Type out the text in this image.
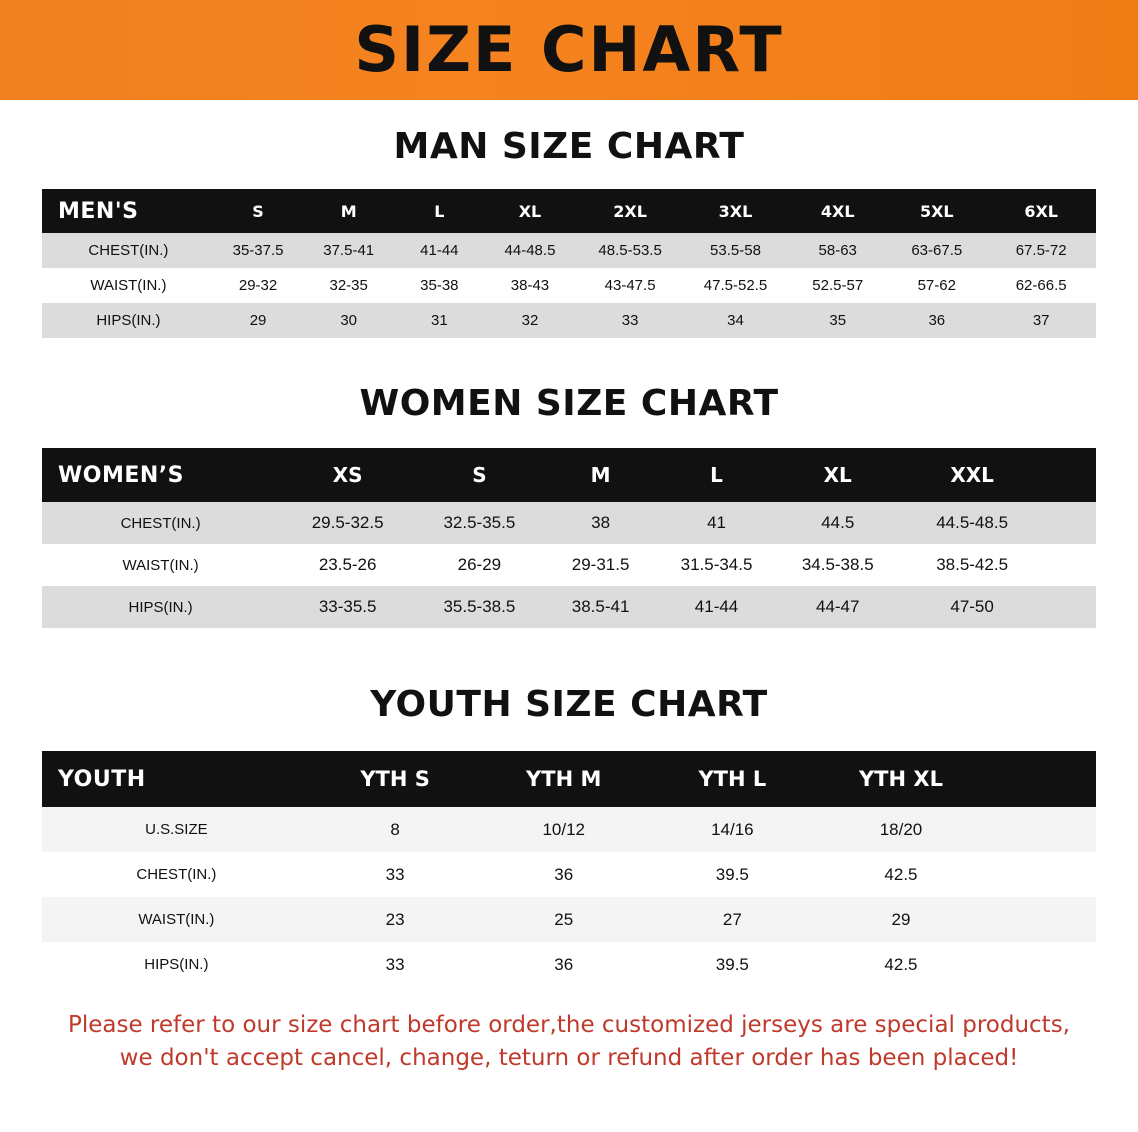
SIZE CHART
MAN SIZE CHART
MEN'S	S	M	L	XL	2XL	3XL	4XL	5XL	6XL
CHEST(IN.)	35-37.5	37.5-41	41-44	44-48.5	48.5-53.5	53.5-58	58-63	63-67.5	67.5-72
WAIST(IN.)	29-32	32-35	35-38	38-43	43-47.5	47.5-52.5	52.5-57	57-62	62-66.5
HIPS(IN.)	29	30	31	32	33	34	35	36	37
WOMEN SIZE CHART
WOMEN’S	XS	S	M	L	XL	XXL	
CHEST(IN.)	29.5-32.5	32.5-35.5	38	41	44.5	44.5-48.5	
WAIST(IN.)	23.5-26	26-29	29-31.5	31.5-34.5	34.5-38.5	38.5-42.5	
HIPS(IN.)	33-35.5	35.5-38.5	38.5-41	41-44	44-47	47-50	
YOUTH SIZE CHART
YOUTH	YTH S	YTH M	YTH L	YTH XL	
U.S.SIZE	8	10/12	14/16	18/20	
CHEST(IN.)	33	36	39.5	42.5	
WAIST(IN.)	23	25	27	29	
HIPS(IN.)	33	36	39.5	42.5	
Please refer to our size chart before order,the customized jerseys are special products,
we don't accept cancel, change, teturn or refund after order has been placed!
